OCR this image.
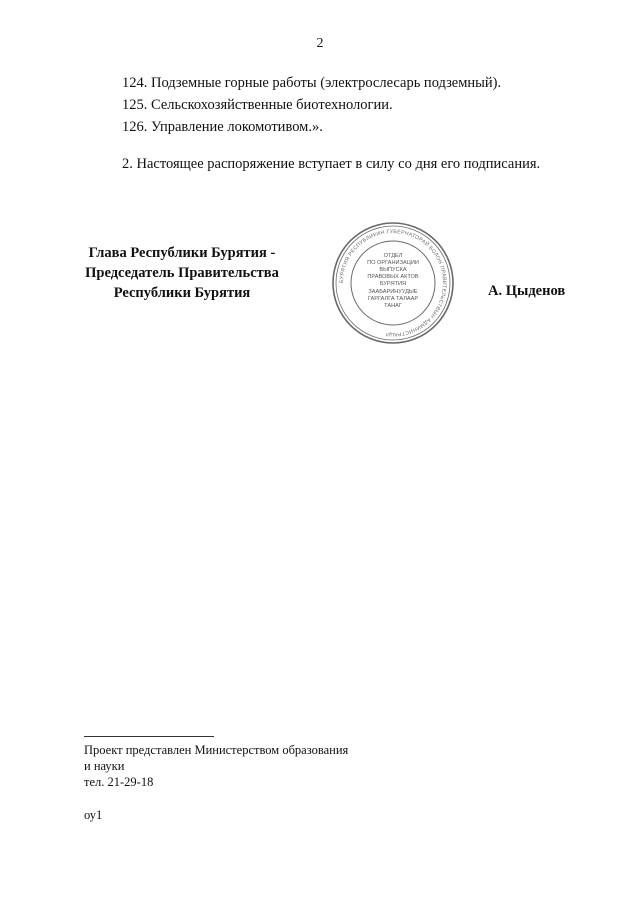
2
124. Подземные горные работы (электрослесарь подземный).
125. Сельскохозяйственные биотехнологии.
126. Управление локомотивом.».
2. Настоящее распоряжение вступает в силу со дня его подписания.
Глава Республики Бурятия -
Председатель Правительства
Республики Бурятия
БУРЯТИЯ РЕСПУБЛИКИН ГУБЕРНАТОРАЙ БОЛОН ПРАВИТЕЛЬСТВЫН АДМИНИСТРАЦИ
ОТДЕЛ
ПО ОРГАНИЗАЦИИ
ВЫПУСКА
ПРАВОВЫХ АКТОВ
БУРЯТИЯ
ЗААБАРИНУУДЫЕ
ГАРГАЛГА ТАЛААР
ТАНАГ
А. Цыденов
Проект представлен Министерством образования
и науки
тел. 21-29-18
оу1
